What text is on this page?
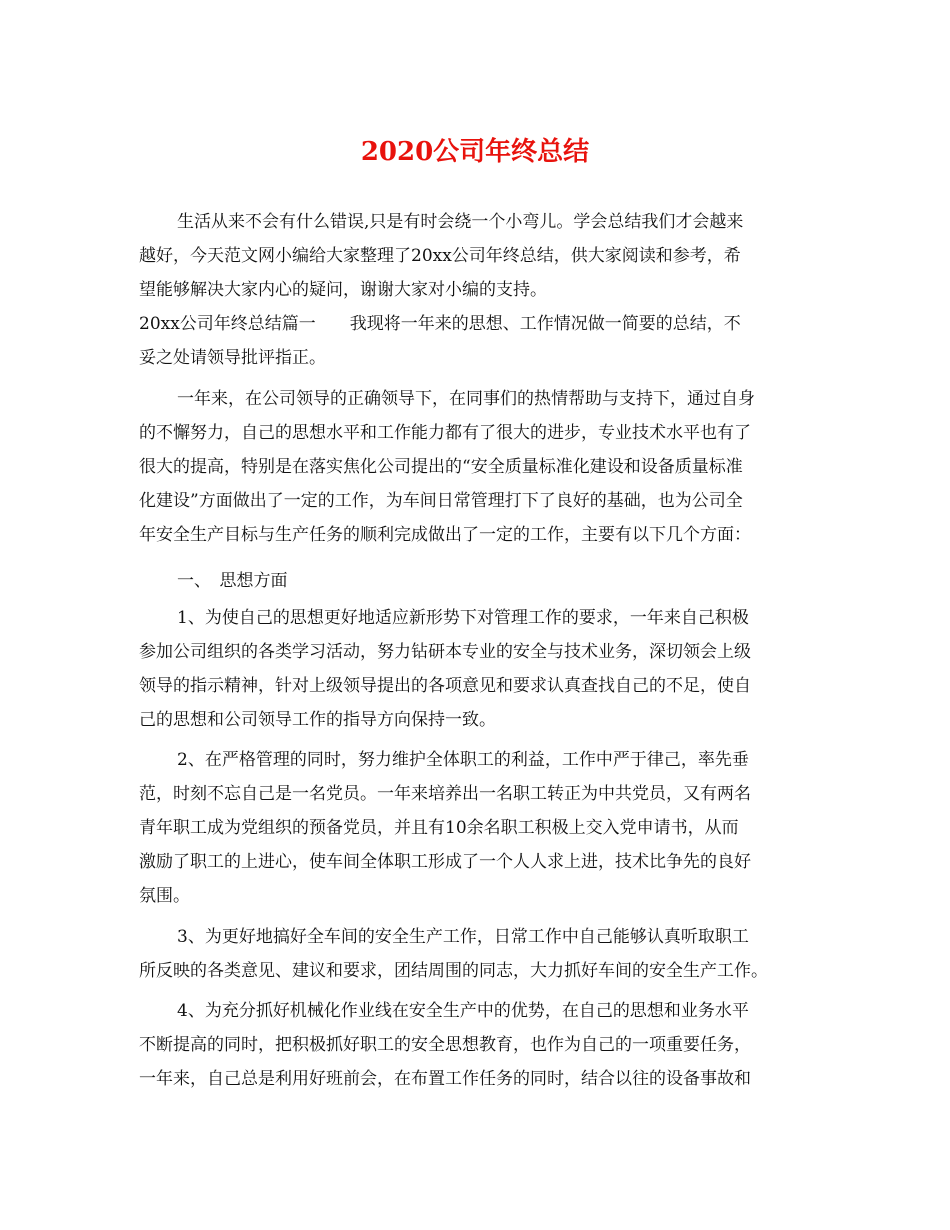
2020公司年终总结

生活从来不会有什么错误,只是有时会绕一个小弯儿。学会总结我们才会越来

越好，今天范文网小编给大家整理了20xx公司年终总结，供大家阅读和参考，希

望能够解决大家内心的疑问，谢谢大家对小编的支持。

20xx公司年终总结篇一　　我现将一年来的思想、工作情况做一简要的总结，不

妥之处请领导批评指正。

一年来，在公司领导的正确领导下，在同事们的热情帮助与支持下，通过自身

的不懈努力，自己的思想水平和工作能力都有了很大的进步，专业技术水平也有了

很大的提高，特别是在落实焦化公司提出的“安全质量标准化建设和设备质量标准

化建设”方面做出了一定的工作，为车间日常管理打下了良好的基础，也为公司全

年安全生产目标与生产任务的顺利完成做出了一定的工作，主要有以下几个方面：

一、　思想方面

1、为使自己的思想更好地适应新形势下对管理工作的要求，一年来自己积极

参加公司组织的各类学习活动，努力钻研本专业的安全与技术业务，深切领会上级

领导的指示精神，针对上级领导提出的各项意见和要求认真查找自己的不足，使自

己的思想和公司领导工作的指导方向保持一致。

2、在严格管理的同时，努力维护全体职工的利益，工作中严于律己，率先垂

范，时刻不忘自己是一名党员。一年来培养出一名职工转正为中共党员，又有两名

青年职工成为党组织的预备党员，并且有10余名职工积极上交入党申请书，从而

激励了职工的上进心，使车间全体职工形成了一个人人求上进，技术比争先的良好

氛围。

3、为更好地搞好全车间的安全生产工作，日常工作中自己能够认真听取职工

所反映的各类意见、建议和要求，团结周围的同志，大力抓好车间的安全生产工作。

4、为充分抓好机械化作业线在安全生产中的优势，在自己的思想和业务水平

不断提高的同时，把积极抓好职工的安全思想教育，也作为自己的一项重要任务，

一年来，自己总是利用好班前会，在布置工作任务的同时，结合以往的设备事故和
